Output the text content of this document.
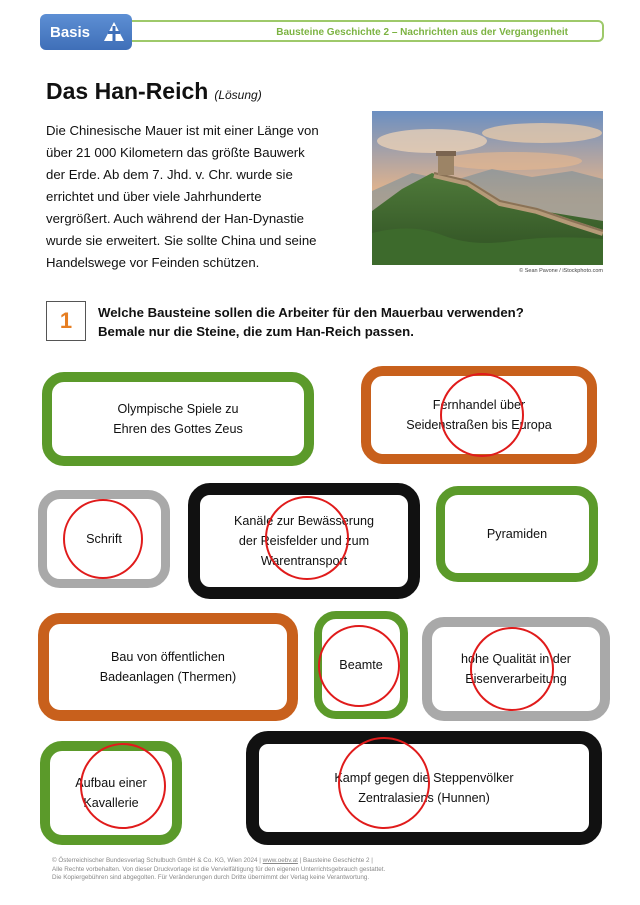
Basis	Bausteine Geschichte 2 – Nachrichten aus der Vergangenheit
Das Han-Reich (Lösung)
Die Chinesische Mauer ist mit einer Länge von
über 21 000 Kilometern das größte Bauwerk
der Erde. Ab dem 7. Jhd. v. Chr. wurde sie
errichtet und über viele Jahrhunderte
vergrößert. Auch während der Han-Dynastie
wurde sie erweitert. Sie sollte China und seine
Handelswege vor Feinden schützen.
© Sean Pavone / iStockphoto.com
1	Welche Bausteine sollen die Arbeiter für den Mauerbau verwenden?
Bemale nur die Steine, die zum Han-Reich passen.
Olympische Spiele zu
Ehren des Gottes Zeus
Fernhandel über
Seidenstraßen bis Europa
Schrift
Kanäle zur Bewässerung
der Reisfelder und zum
Warentransport
Pyramiden
Bau von öffentlichen
Badeanlagen (Thermen)
Beamte	hohe Qualität in der
Eisenverarbeitung
Aufbau einer
Kavallerie
Kampf gegen die Steppenvölker
Zentralasiens (Hunnen)
© Österreichischer Bundesverlag Schulbuch GmbH & Co. KG, Wien 2024 | www.oebv.at | Bausteine Geschichte 2 |
Alle Rechte vorbehalten. Von dieser Druckvorlage ist die Vervielfältigung für den eigenen Unterrichtsgebrauch gestattet.
Die Kopiergebühren sind abgegolten. Für Veränderungen durch Dritte übernimmt der Verlag keine Verantwortung.
